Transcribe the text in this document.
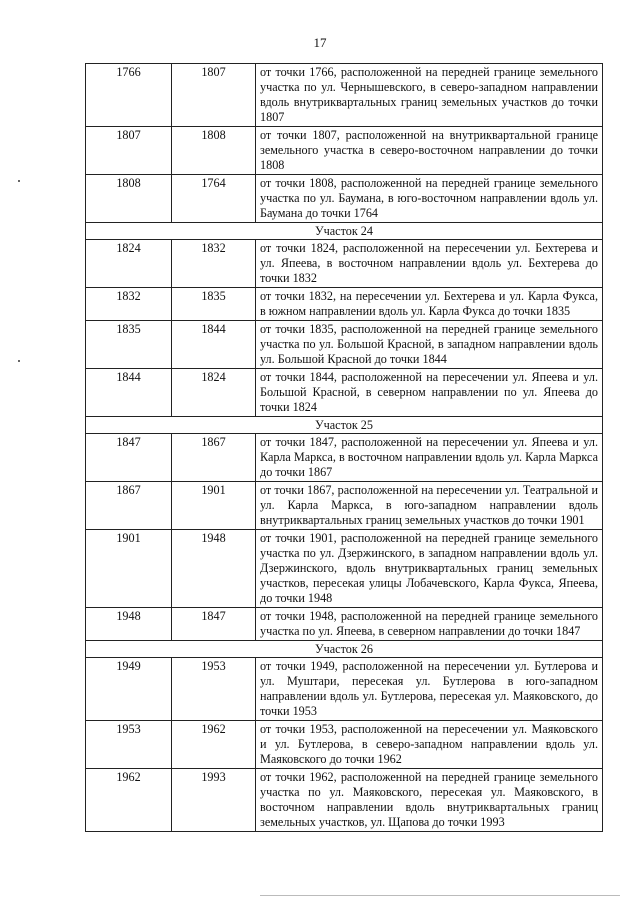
17
1766	1807	от точки 1766, расположенной на передней границе земельного участка по ул. Чернышевского, в северо-западном направлении вдоль внутриквартальных границ земельных участков до точки 1807
1807	1808	от точки 1807, расположенной на внутриквартальной границе земельного участка в северо-восточном направлении до точки 1808
1808	1764	от точки 1808, расположенной на передней границе земельного участка по ул. Баумана, в юго-восточном направлении вдоль ул. Баумана до точки 1764
Участок 24		
1824	1832	от точки 1824, расположенной на пересечении ул. Бехтерева и ул. Япеева, в восточном направлении вдоль ул. Бехтерева до точки 1832
1832	1835	от точки 1832, на пересечении ул. Бехтерева и ул. Карла Фукса, в южном направлении вдоль ул. Карла Фукса до точки 1835
1835	1844	от точки 1835, расположенной на передней границе земельного участка по ул. Большой Красной, в западном направлении вдоль ул. Большой Красной до точки 1844
1844	1824	от точки 1844, расположенной на пересечении ул. Япеева и ул. Большой Красной, в северном направлении по ул. Япеева до точки 1824
Участок 25		
1847	1867	от точки 1847, расположенной на пересечении ул. Япеева и ул. Карла Маркса, в восточном направлении вдоль ул. Карла Маркса до точки 1867
1867	1901	от точки 1867, расположенной на пересечении ул. Театральной и ул. Карла Маркса, в юго-западном направлении вдоль внутриквартальных границ земельных участков до точки 1901
1901	1948	от точки 1901, расположенной на передней границе земельного участка по ул. Дзержинского, в западном направлении вдоль ул. Дзержинского, вдоль внутриквартальных границ земельных участков, пересекая улицы Лобачевского, Карла Фукса, Япеева, до точки 1948
1948	1847	от точки 1948, расположенной на передней границе земельного участка по ул. Япеева, в северном направлении до точки 1847
Участок 26		
1949	1953	от точки 1949, расположенной на пересечении ул. Бутлерова и ул. Муштари, пересекая ул. Бутлерова в юго-западном направлении вдоль ул. Бутлерова, пересекая ул. Маяковского, до точки 1953
1953	1962	от точки 1953, расположенной на пересечении ул. Маяковского и ул. Бутлерова, в северо-западном направлении вдоль ул. Маяковского до точки 1962
1962	1993	от точки 1962, расположенной на передней границе земельного участка по ул. Маяковского, пересекая ул. Маяковского, в восточном направлении вдоль внутриквартальных границ земельных участков, ул. Щапова до точки 1993
